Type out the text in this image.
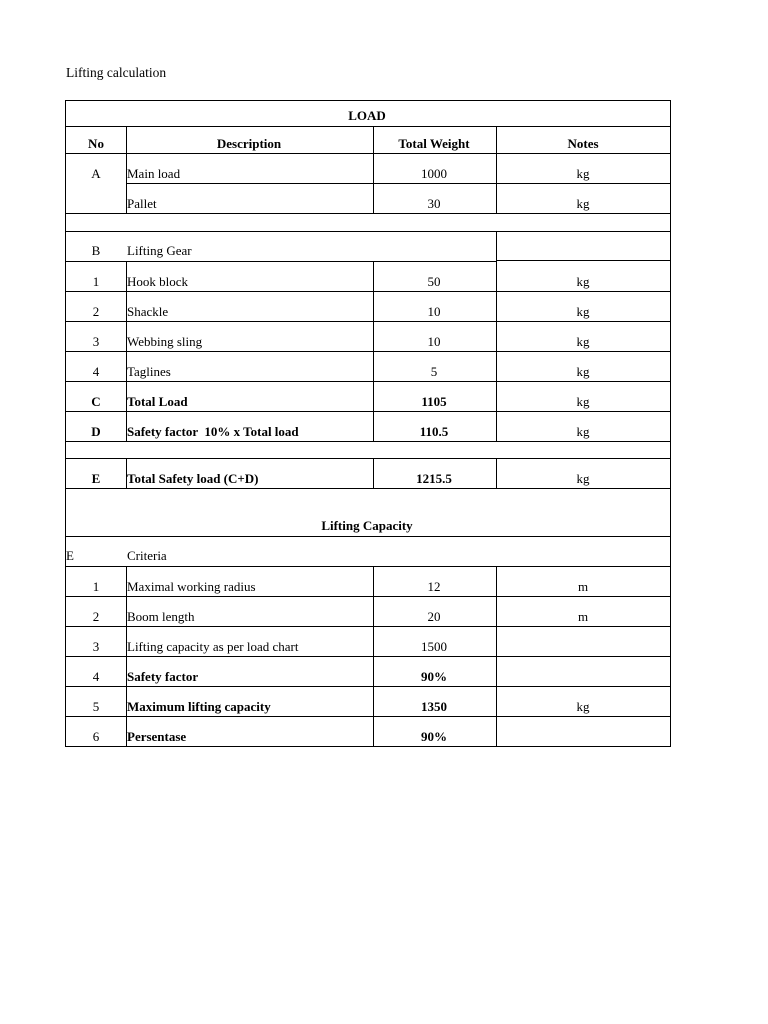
Lifting calculation
LOAD
No	Description	Total Weight	Notes
A Main load	1000	kg
Pallet	30	kg
B Lifting Gear
1 Hook block	50	kg
2 Shackle	10	kg
3 Webbing sling	10	kg
4 Taglines	5	kg
C Total Load	1105	kg
D Safety factor  10% x Total load	110.5	kg
E Total Safety load (C+D)	1215.5	kg
Lifting Capacity
E	Criteria
1 Maximal working radius	12	m
2 Boom length	20	m
3 Lifting capacity as per load chart	1500
4 Safety factor	90%
5 Maximum lifting capacity	1350	kg
6 Persentase	90%
